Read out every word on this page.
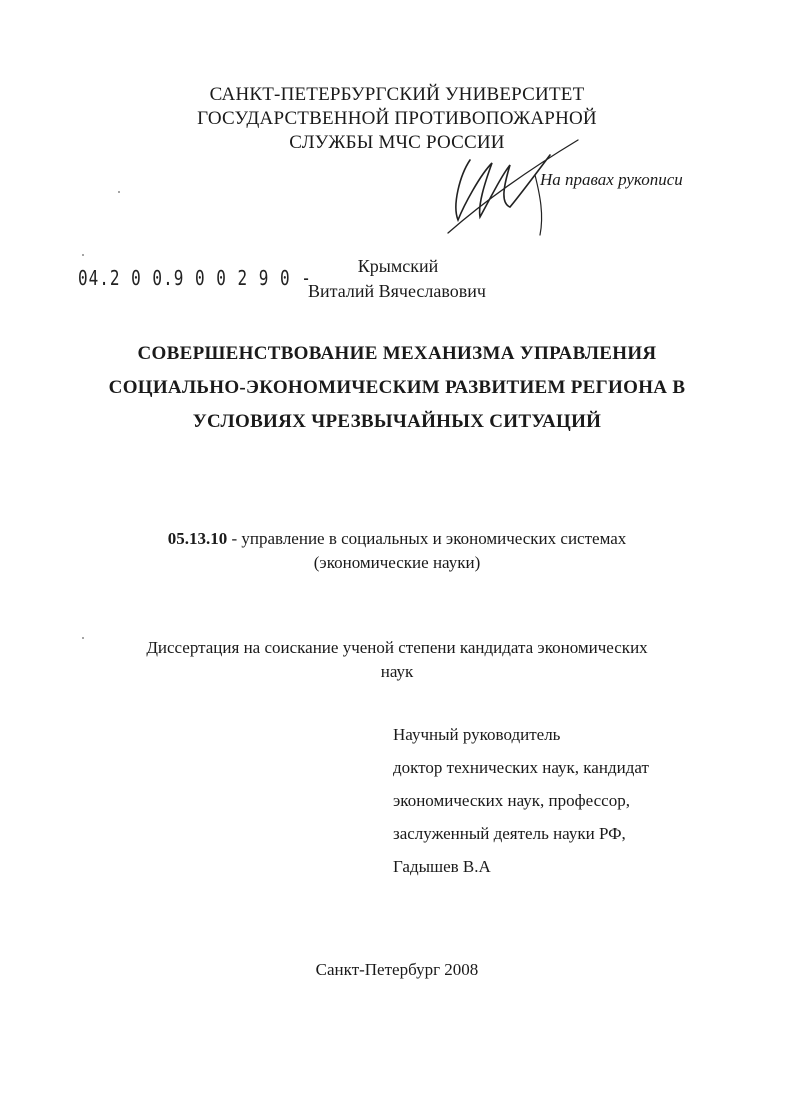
САНКТ-ПЕТЕРБУРГСКИЙ УНИВЕРСИТЕТ
ГОСУДАРСТВЕННОЙ ПРОТИВОПОЖАРНОЙ
СЛУЖБЫ МЧС РОССИИ
На правах рукописи
04.2 0 0.9 0 0 2 9 0 -	Крымский
Виталий Вячеславович
СОВЕРШЕНСТВОВАНИЕ МЕХАНИЗМА УПРАВЛЕНИЯ
СОЦИАЛЬНО-ЭКОНОМИЧЕСКИМ РАЗВИТИЕМ РЕГИОНА В
УСЛОВИЯХ ЧРЕЗВЫЧАЙНЫХ СИТУАЦИЙ
05.13.10 - управление в социальных и экономических системах
(экономические науки)
Диссертация на соискание ученой степени кандидата экономических
наук
Научный руководитель
доктор технических наук, кандидат
экономических наук, профессор,
заслуженный деятель науки РФ,
Гадышев В.А
Санкт-Петербург 2008
